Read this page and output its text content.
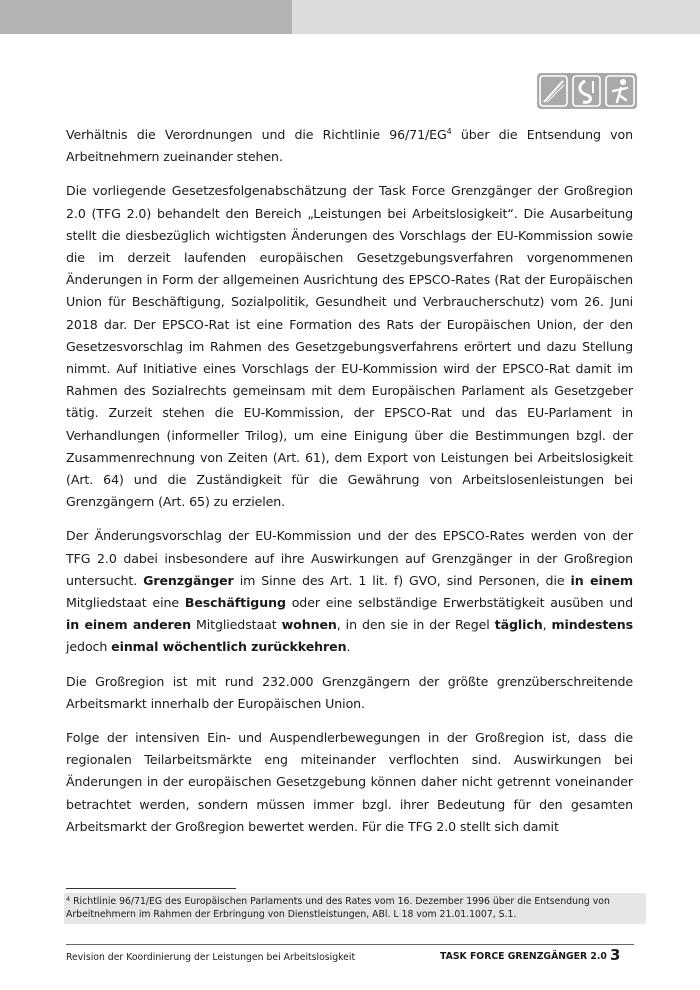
Verhältnis die Verordnungen und die Richtlinie $96/71/EG^4$ über die Entsendung von Arbeitnehmern zueinander stehen.

Die vorliegende Gesetzesfolgenabschätzung der Task Force Grenzgänger der Großregion 2.0 (TFG 2.0) behandelt den Bereich „Leistungen bei Arbeitslosigkeit“. Die Ausarbeitung stellt die diesbezüglich wichtigsten Änderungen des Vorschlags der EU-Kommission sowie die im derzeit laufenden europäischen Gesetzgebungsverfahren vorgenommenen Änderungen in Form der allgemeinen Ausrichtung des EPSCO-Rates (Rat der Europäischen Union für Beschäftigung, Sozialpolitik, Gesundheit und Verbraucherschutz) vom 26. Juni 2018 dar. Der EPSCO-Rat ist eine Formation des Rats der Europäischen Union, der den Gesetzesvorschlag im Rahmen des Gesetzgebungsverfahrens erörtert und dazu Stellung nimmt. Auf Initiative eines Vorschlags der EU-Kommission wird der EPSCO-Rat damit im Rahmen des Sozialrechts gemeinsam mit dem Europäischen Parlament als Gesetzgeber tätig. Zurzeit stehen die EU-Kommission, der EPSCO-Rat und das EU-Parlament in Verhandlungen (informeller Trilog), um eine Einigung über die Bestimmungen bzgl. der Zusammenrechnung von Zeiten (Art. 61), dem Export von Leistungen bei Arbeitslosigkeit (Art. 64) und die Zuständigkeit für die Gewährung von Arbeitslosenleistungen bei Grenzgängern (Art. 65) zu erzielen.

Der Änderungsvorschlag der EU-Kommission und der des EPSCO-Rates werden von der TFG 2.0 dabei insbesondere auf ihre Auswirkungen auf Grenzgänger in der Großregion untersucht. Grenzgänger im Sinne des Art. 1 lit. f) GVO, sind Personen, die in einem Mitgliedstaat eine Beschäftigung oder eine selbständige Erwerbstätigkeit ausüben und in einem anderen Mitgliedstaat wohnen, in den sie in der Regel täglich, mindestens jedoch einmal wöchentlich zurückkehren.

Die Großregion ist mit rund 232.000 Grenzgängern der größte grenzüberschreitende Arbeitsmarkt innerhalb der Europäischen Union.

Folge der intensiven Ein- und Auspendlerbewegungen in der Großregion ist, dass die regionalen Teilarbeitsmärkte eng miteinander verflochten sind. Auswirkungen bei Änderungen in der europäischen Gesetzgebung können daher nicht getrennt voneinander betrachtet werden, sondern müssen immer bzgl. ihrer Bedeutung für den gesamten Arbeitsmarkt der Großregion bewertet werden. Für die TFG 2.0 stellt sich damit

$^4$ Richtlinie 96/71/EG des Europäischen Parlaments und des Rates vom 16. Dezember 1996 über die Entsendung von Arbeitnehmern im Rahmen der Erbringung von Dienstleistungen, ABl. L 18 vom 21.01.1007, S.1.
Revision der Koordinierung der Leistungen bei Arbeitslosigkeit	TASK FORCE GRENZGÄNGER 2.0 3
